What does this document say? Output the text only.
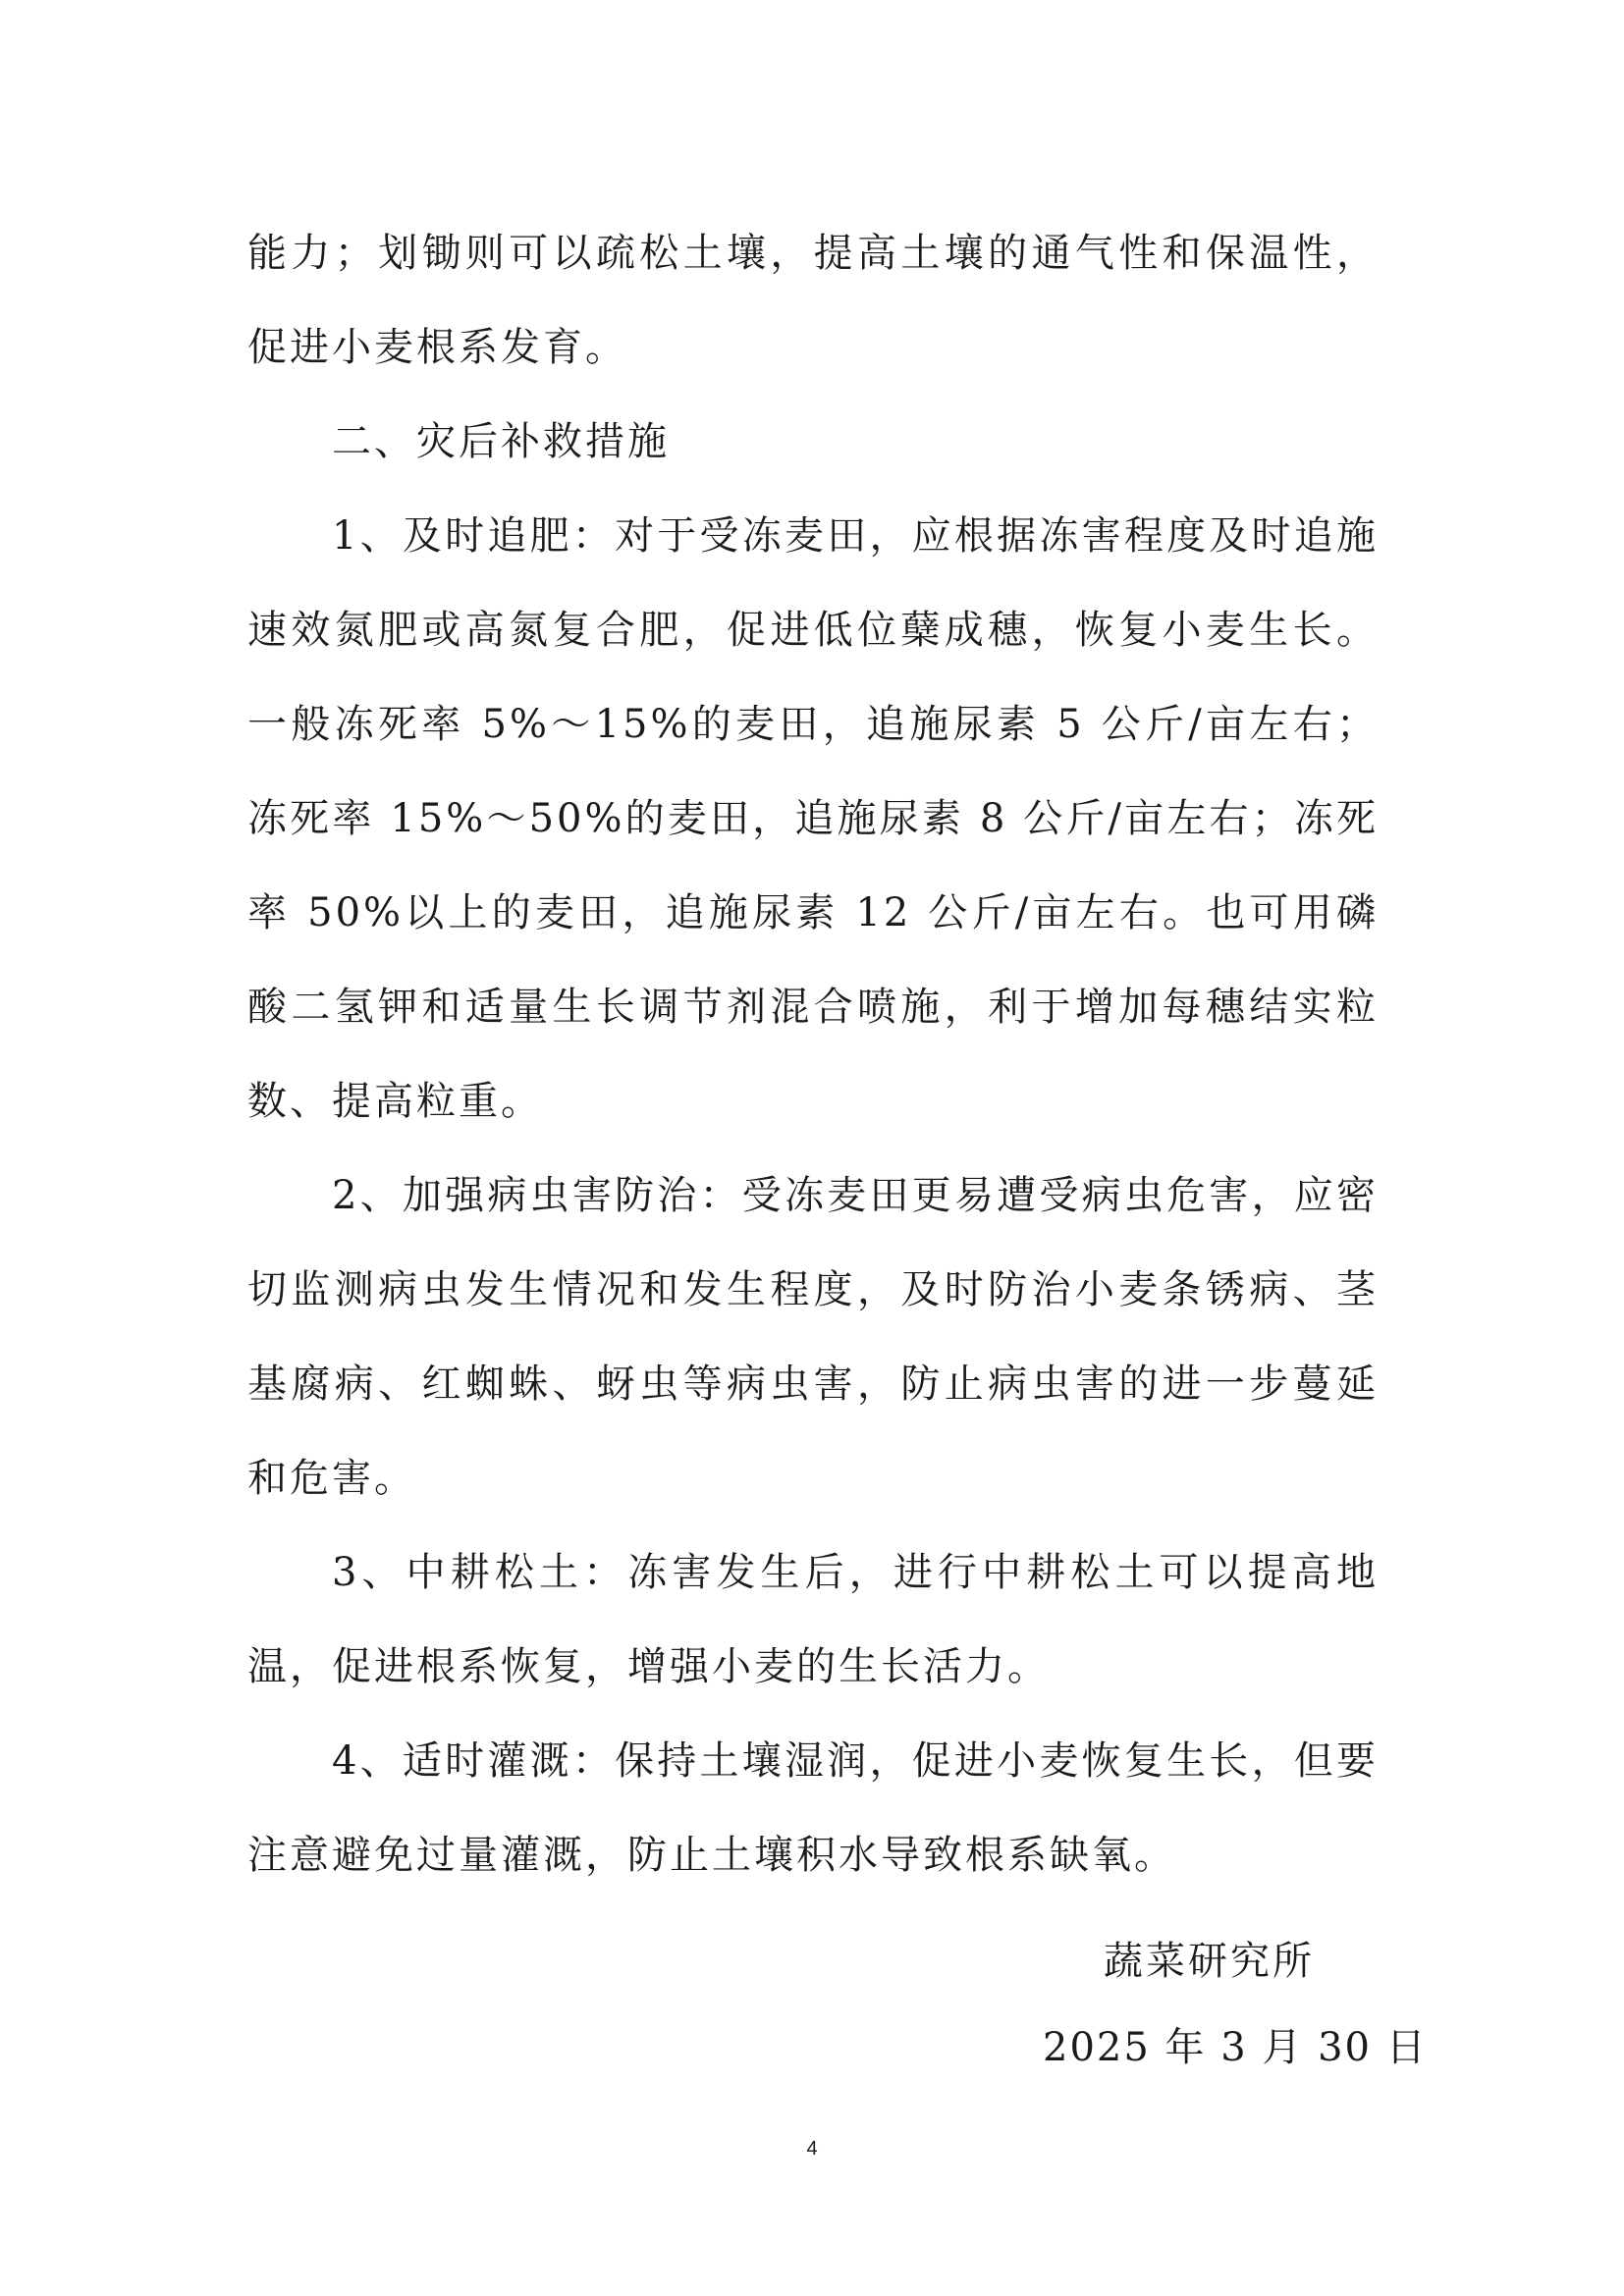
能力；划锄则可以疏松土壤，提高土壤的通气性和保温性，促进小麦根系发育。

二、灾后补救措施

1、及时追肥：对于受冻麦田，应根据冻害程度及时追施速效氮肥或高氮复合肥，促进低位蘖成穗，恢复小麦生长。一般冻死率 5%～15%的麦田，追施尿素 5 公斤/亩左右；冻死率 15%～50%的麦田，追施尿素 8 公斤/亩左右；冻死率 50%以上的麦田，追施尿素 12 公斤/亩左右。也可用磷酸二氢钾和适量生长调节剂混合喷施，利于增加每穗结实粒数、提高粒重。

2、加强病虫害防治：受冻麦田更易遭受病虫危害，应密切监测病虫发生情况和发生程度，及时防治小麦条锈病、茎基腐病、红蜘蛛、蚜虫等病虫害，防止病虫害的进一步蔓延和危害。

3、中耕松土：冻害发生后，进行中耕松土可以提高地温，促进根系恢复，增强小麦的生长活力。

4、适时灌溉：保持土壤湿润，促进小麦恢复生长，但要注意避免过量灌溉，防止土壤积水导致根系缺氧。

蔬菜研究所
2025 年 3 月 30 日
4
